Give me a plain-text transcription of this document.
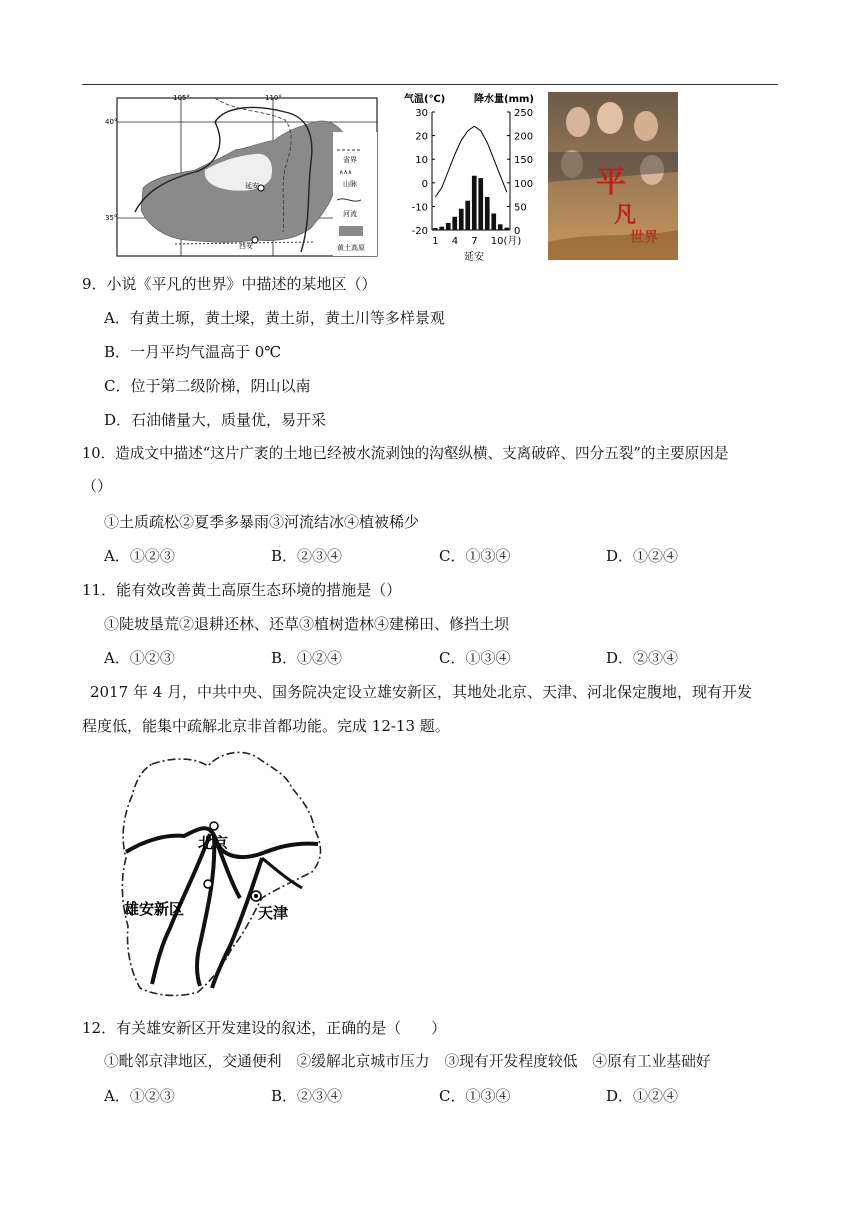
105°	110°
40°
35°
延安
西安
省界
∧∧∧
山脉
河流
黄土高原
气温(℃)	降水量(mm)
30
20
10
0
-10
-20
250
200
150
100
50
0
1 4 7 10(月)
延安
平
凡
9．小说《平凡的世界》中描述的某地区（）
A．有黄土塬，黄土墚，黄土峁，黄土川等多样景观
B．一月平均气温高于 0℃
C．位于第二级阶梯，阴山以南
D．石油储量大，质量优，易开采
10．造成文中描述“这片广袤的土地已经被水流剥蚀的沟壑纵横、支离破碎、四分五裂”的主要原因是
（）
①土质疏松②夏季多暴雨③河流结冰④植被稀少
A．①②③	B．②③④	C．①③④	D．①②④
11．能有效改善黄土高原生态环境的措施是（）
①陡坡垦荒②退耕还林、还草③植树造林④建梯田、修挡土坝
A．①②③	B．①②④	C．①③④	D．②③④
2017 年 4 月，中共中央、国务院决定设立雄安新区，其地处北京、天津、河北保定腹地，现有开发
程度低，能集中疏解北京非首都功能。完成 12-13 题。
北京
雄安新区	天津
12．有关雄安新区开发建设的叙述，正确的是（　　）
①毗邻京津地区，交通便利　②缓解北京城市压力　③现有开发程度较低　④原有工业基础好
A．①②③	B．②③④	C．①③④	D．①②④
